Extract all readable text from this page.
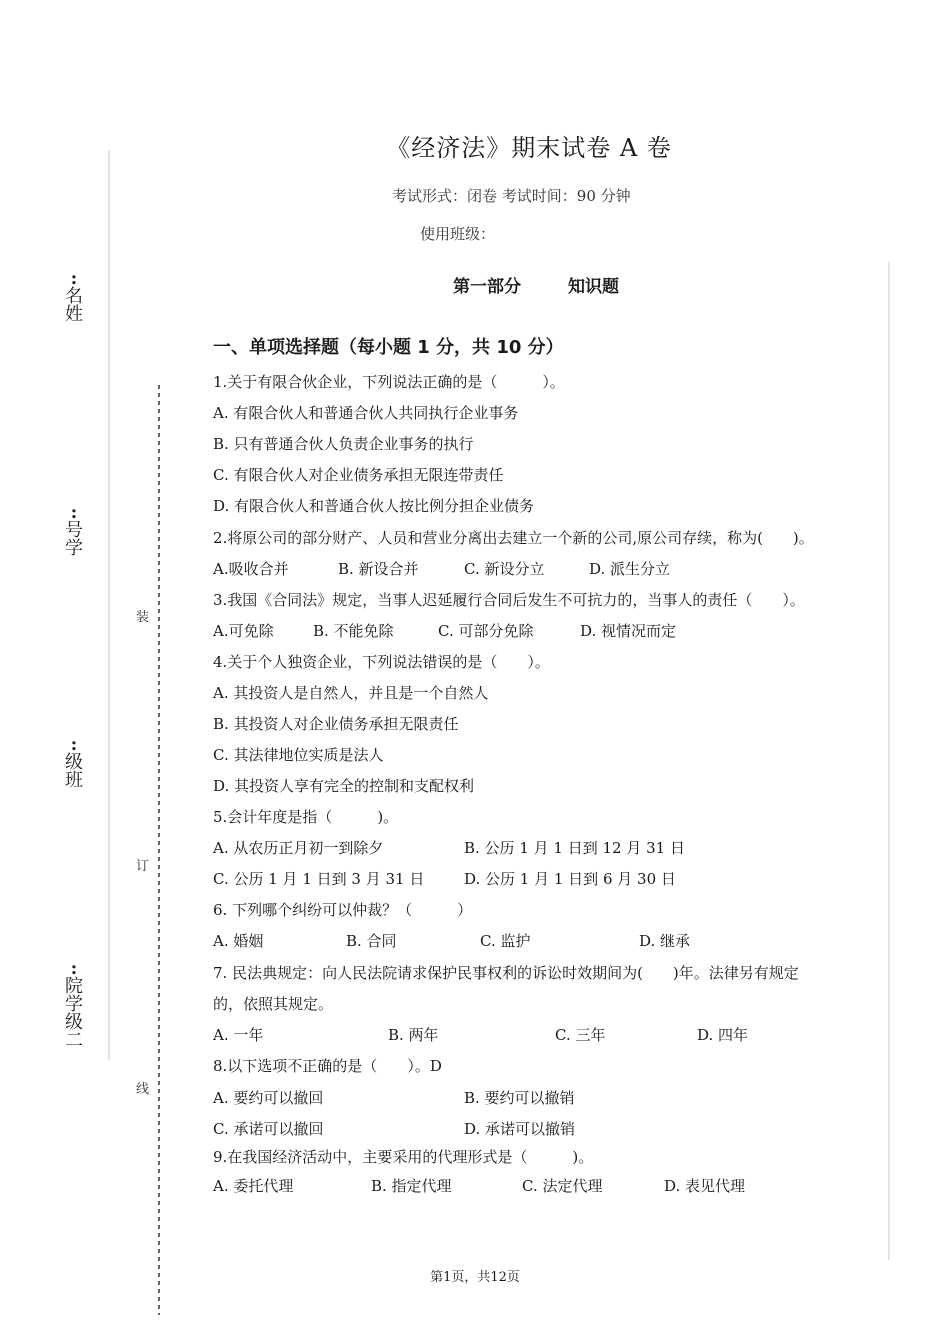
:
名姓
:
号学
:
级班
:
院学级二
装
订
线
《经济法》期末试卷 A 卷
考试形式：闭卷 考试时间：90 分钟
使用班级：
第一部分	知识题
一、单项选择题（每小题 1 分，共 10 分）
1.关于有限合伙企业，下列说法正确的是（　　　）。
A. 有限合伙人和普通合伙人共同执行企业事务
B. 只有普通合伙人负责企业事务的执行
C. 有限合伙人对企业债务承担无限连带责任
D. 有限合伙人和普通合伙人按比例分担企业债务
2.将原公司的部分财产、人员和营业分离出去建立一个新的公司,原公司存续，称为(　　)。
A.吸收合并	B. 新设合并	C. 新设分立	D. 派生分立
3.我国《合同法》规定，当事人迟延履行合同后发生不可抗力的，当事人的责任（　　）。
A.可免除	B. 不能免除	C. 可部分免除	D. 视情况而定
4.关于个人独资企业，下列说法错误的是（　　）。
A. 其投资人是自然人，并且是一个自然人
B. 其投资人对企业债务承担无限责任
C. 其法律地位实质是法人
D. 其投资人享有完全的控制和支配权利
5.会计年度是指（　　　)。
A. 从农历正月初一到除夕	B. 公历 1 月 1 日到 12 月 31 日
C. 公历 1 月 1 日到 3 月 31 日	D. 公历 1 月 1 日到 6 月 30 日
6. 下列哪个纠纷可以仲裁？（　　　）
A. 婚姻	B. 合同	C. 监护	D. 继承
7. 民法典规定：向人民法院请求保护民事权利的诉讼时效期间为(　　)年。法律另有规定
的，依照其规定。
A. 一年	B. 两年	C. 三年	D. 四年
8.以下选项不正确的是（　　）。D
A. 要约可以撤回	B. 要约可以撤销
C. 承诺可以撤回	D. 承诺可以撤销
9.在我国经济活动中，主要采用的代理形式是（　　　)。
A. 委托代理	B. 指定代理	C. 法定代理	D. 表见代理
第1页，共12页
